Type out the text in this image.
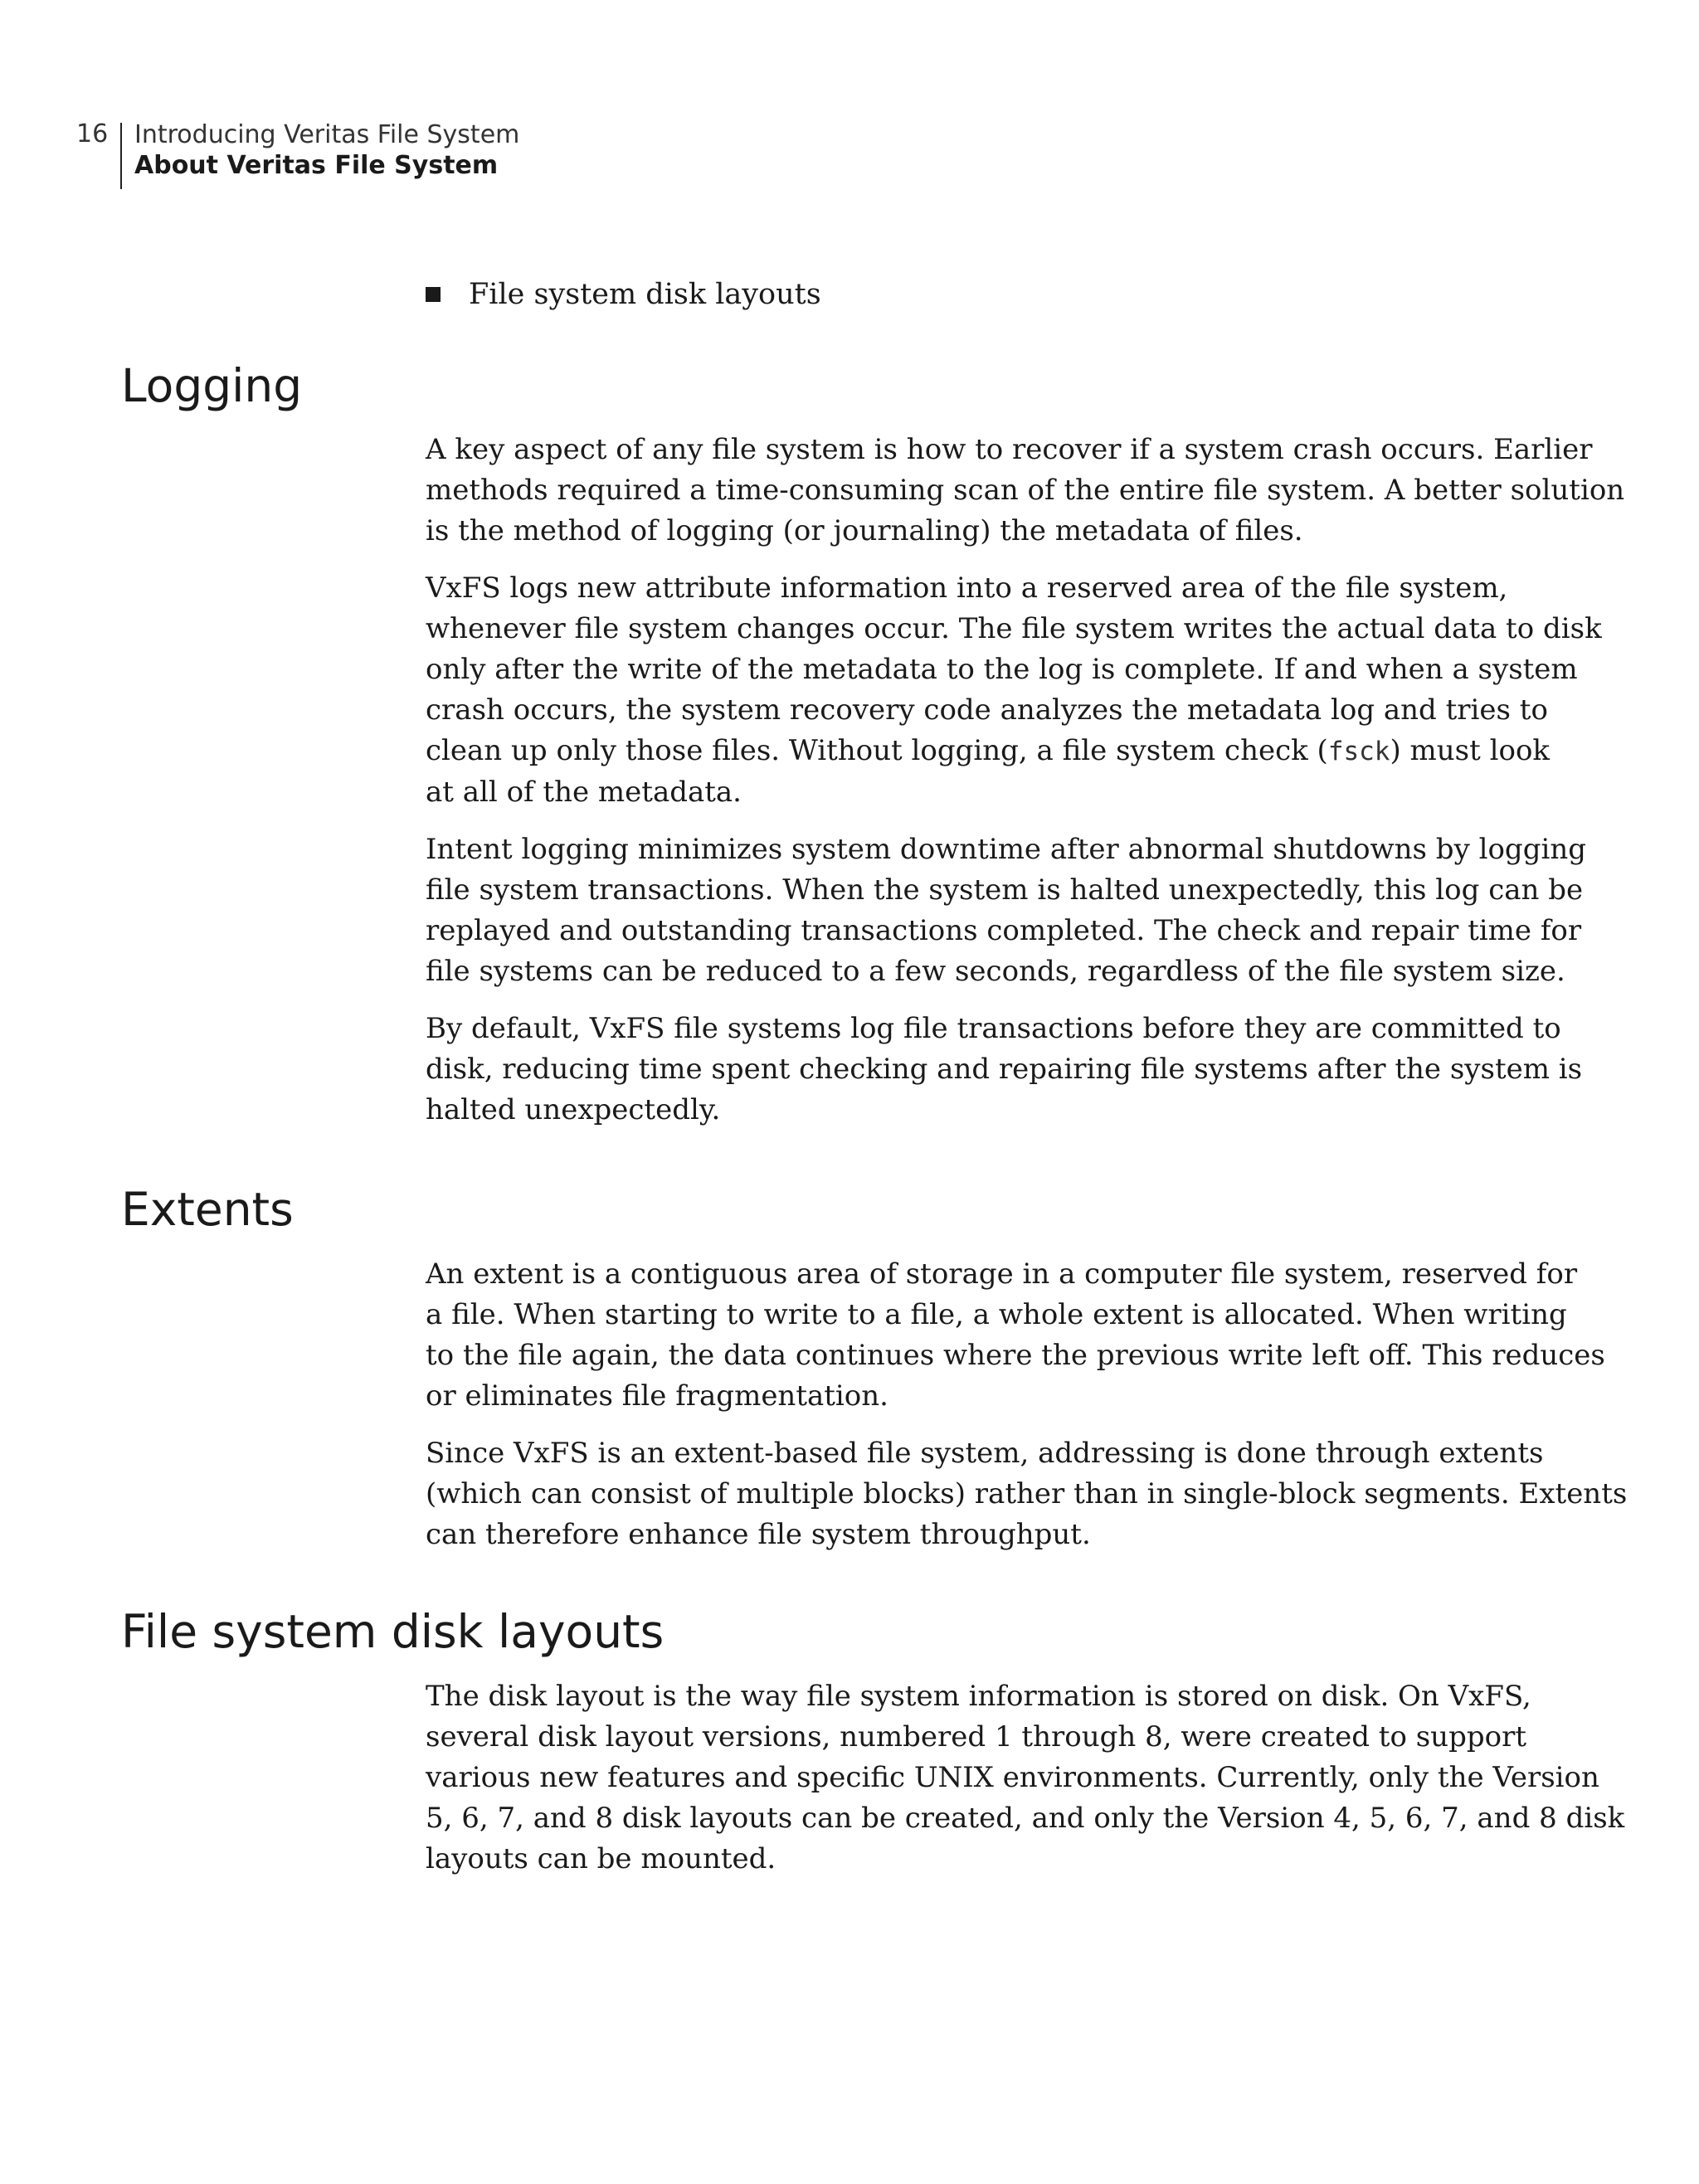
16 Introducing Veritas File System
About Veritas File System
File system disk layouts
Logging

A key aspect of any file system is how to recover if a system crash occurs. Earlier
methods required a time-consuming scan of the entire file system. A better solution
is the method of logging (or journaling) the metadata of files.

VxFS logs new attribute information into a reserved area of the file system,
whenever file system changes occur. The file system writes the actual data to disk
only after the write of the metadata to the log is complete. If and when a system
crash occurs, the system recovery code analyzes the metadata log and tries to
clean up only those files. Without logging, a file system check (fsck) must look
at all of the metadata.

Intent logging minimizes system downtime after abnormal shutdowns by logging
file system transactions. When the system is halted unexpectedly, this log can be
replayed and outstanding transactions completed. The check and repair time for
file systems can be reduced to a few seconds, regardless of the file system size.

By default, VxFS file systems log file transactions before they are committed to
disk, reducing time spent checking and repairing file systems after the system is
halted unexpectedly.

Extents

An extent is a contiguous area of storage in a computer file system, reserved for
a file. When starting to write to a file, a whole extent is allocated. When writing
to the file again, the data continues where the previous write left off. This reduces
or eliminates file fragmentation.

Since VxFS is an extent-based file system, addressing is done through extents
(which can consist of multiple blocks) rather than in single-block segments. Extents
can therefore enhance file system throughput.

File system disk layouts

The disk layout is the way file system information is stored on disk. On VxFS,
several disk layout versions, numbered 1 through 8, were created to support
various new features and specific UNIX environments. Currently, only the Version
5, 6, 7, and 8 disk layouts can be created, and only the Version 4, 5, 6, 7, and 8 disk
layouts can be mounted.
